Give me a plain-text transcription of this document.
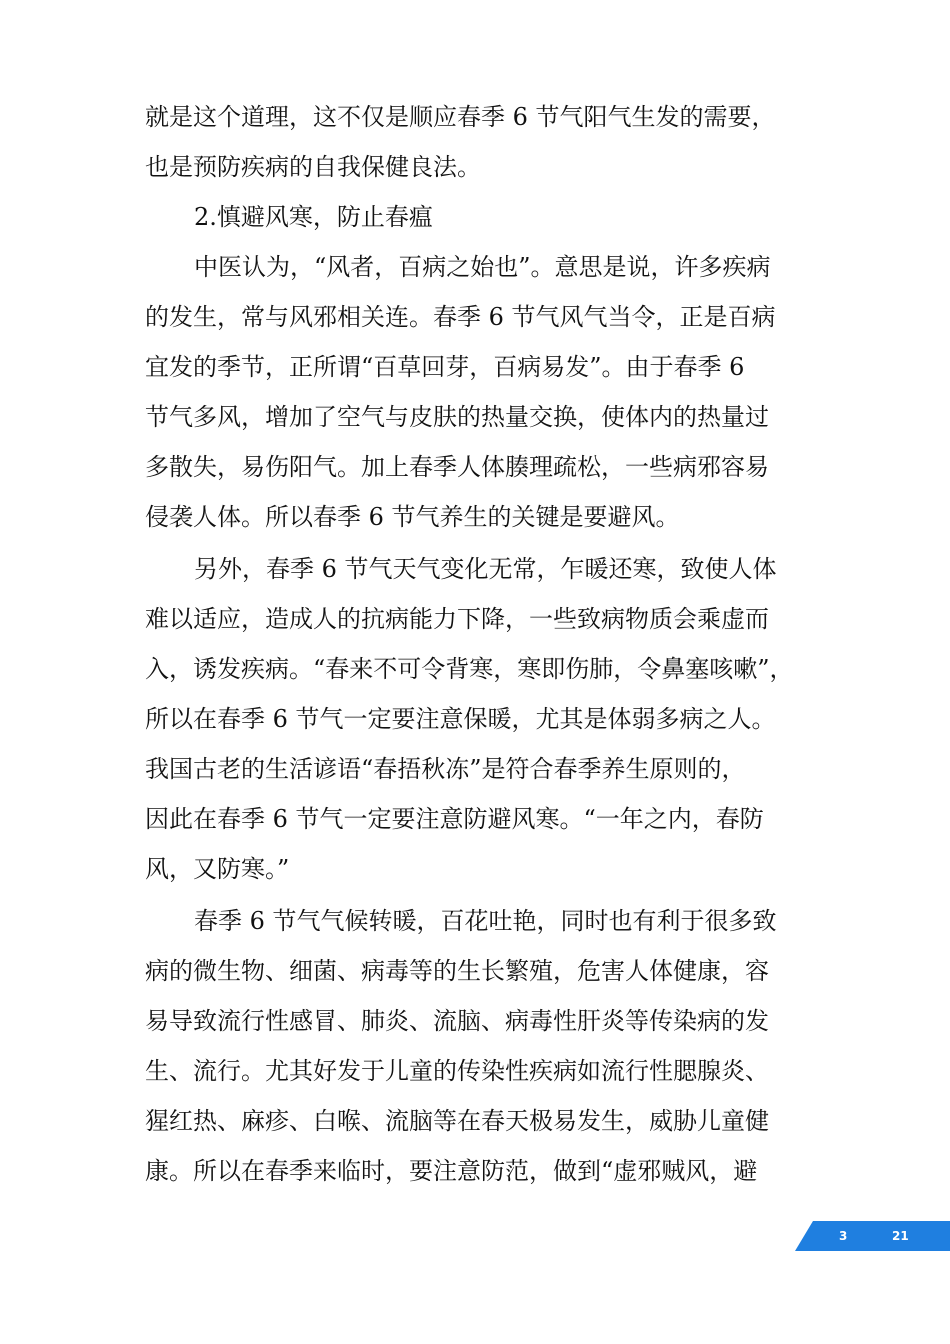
就是这个道理，这不仅是顺应春季 6 节气阳气生发的需要，
也是预防疾病的自我保健良法。
2.慎避风寒，防止春瘟
中医认为，“风者，百病之始也”。意思是说，许多疾病
的发生，常与风邪相关连。春季 6 节气风气当令，正是百病
宜发的季节，正所谓“百草回芽，百病易发”。由于春季 6
节气多风，增加了空气与皮肤的热量交换，使体内的热量过
多散失，易伤阳气。加上春季人体腠理疏松，一些病邪容易
侵袭人体。所以春季 6 节气养生的关键是要避风。
另外，春季 6 节气天气变化无常，乍暖还寒，致使人体
难以适应，造成人的抗病能力下降，一些致病物质会乘虚而
入，诱发疾病。“春来不可令背寒，寒即伤肺，令鼻塞咳嗽”，
所以在春季 6 节气一定要注意保暖，尤其是体弱多病之人。
我国古老的生活谚语“春捂秋冻”是符合春季养生原则的，
因此在春季 6 节气一定要注意防避风寒。“一年之内，春防
风，又防寒。”
春季 6 节气气候转暖，百花吐艳，同时也有利于很多致
病的微生物、细菌、病毒等的生长繁殖，危害人体健康，容
易导致流行性感冒、肺炎、流脑、病毒性肝炎等传染病的发
生、流行。尤其好发于儿童的传染性疾病如流行性腮腺炎、
猩红热、麻疹、白喉、流脑等在春天极易发生，威胁儿童健
康。所以在春季来临时，要注意防范，做到“虚邪贼风，避
3	21
